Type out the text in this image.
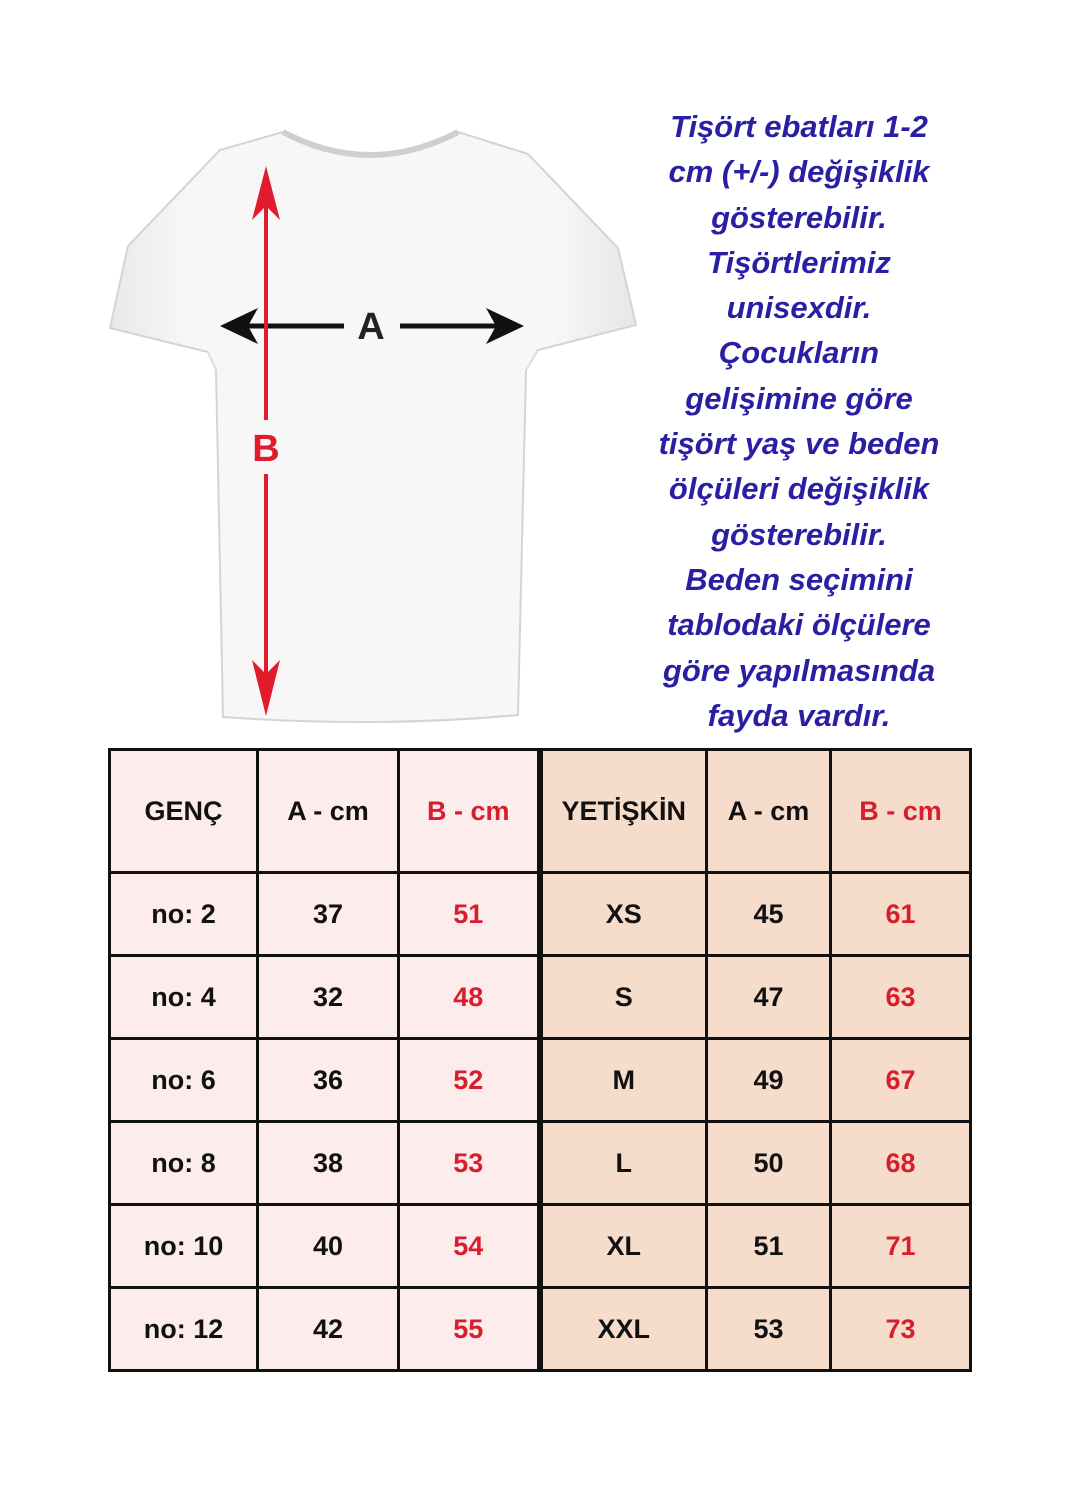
A
B
Tişört ebatları 1-2
cm (+/-) değişiklik
gösterebilir.
Tişörtlerimiz
unisexdir.
Çocukların
gelişimine göre
tişört yaş ve beden
ölçüleri değişiklik
gösterebilir.
Beden seçimini
tablodaki ölçülere
göre yapılmasında
fayda vardır.
GENÇ	A - cm	B - cm	YETİŞKİN	A - cm	B - cm
no: 2	37	51	XS	45	61
no: 4	32	48	S	47	63
no: 6	36	52	M	49	67
no: 8	38	53	L	50	68
no: 10	40	54	XL	51	71
no: 12	42	55	XXL	53	73
